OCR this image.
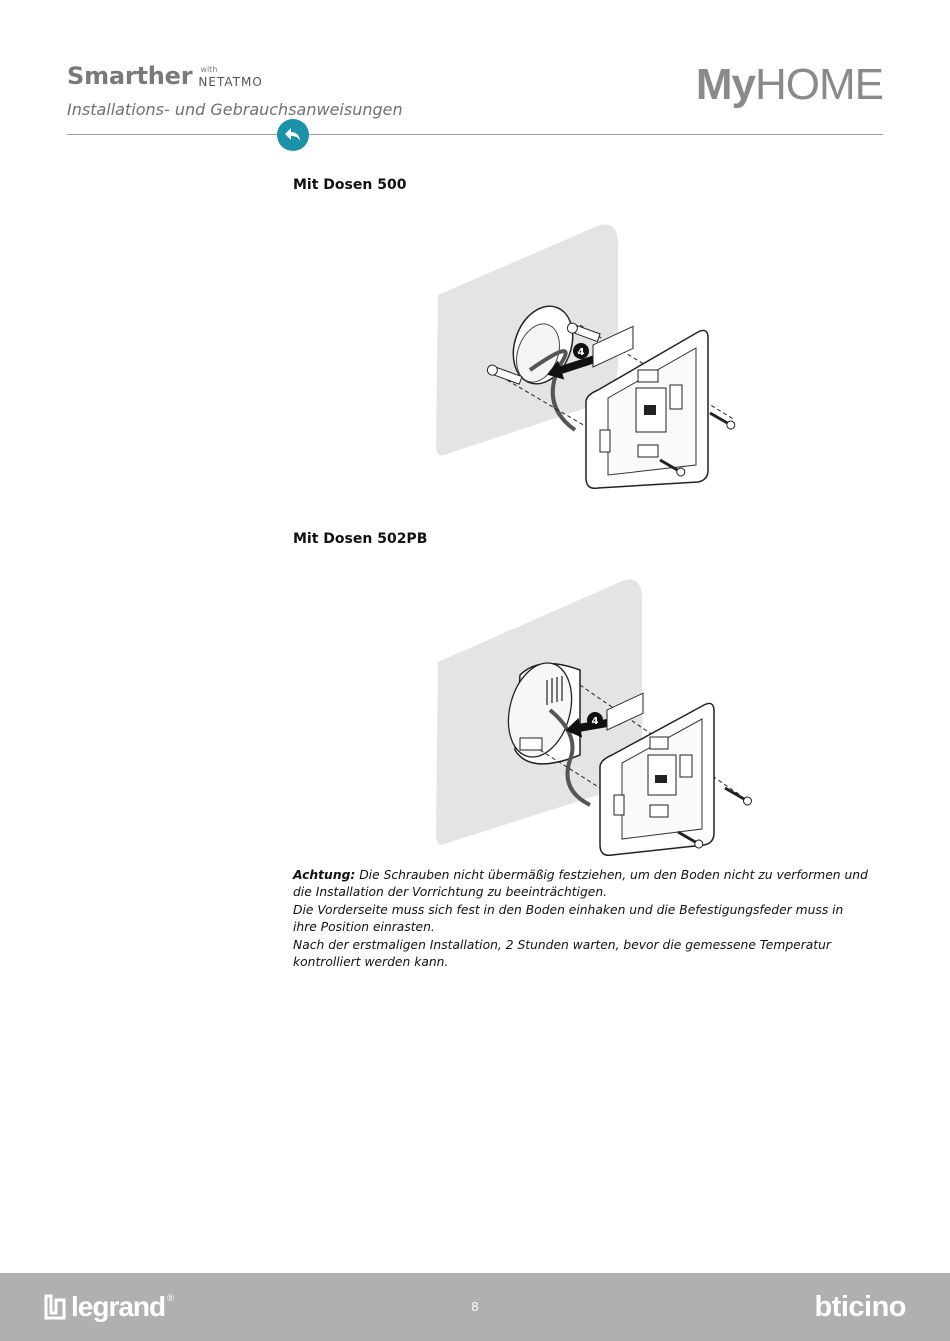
Smarther with
NETATMO
Installations- und Gebrauchsanweisungen
MyHOME
Mit Dosen 500
4
Mit Dosen 502PB
4
Achtung: Die Schrauben nicht übermäßig festziehen, um den Boden nicht zu verformen und die Installation der Vorrichtung zu beeinträchtigen.
Die Vorderseite muss sich fest in den Boden einhaken und die Befestigungsfeder muss in ihre Position einrasten.
Nach der erstmaligen Installation, 2 Stunden warten, bevor die gemessene Temperatur kontrolliert werden kann.
legrand ®
8	bticino
